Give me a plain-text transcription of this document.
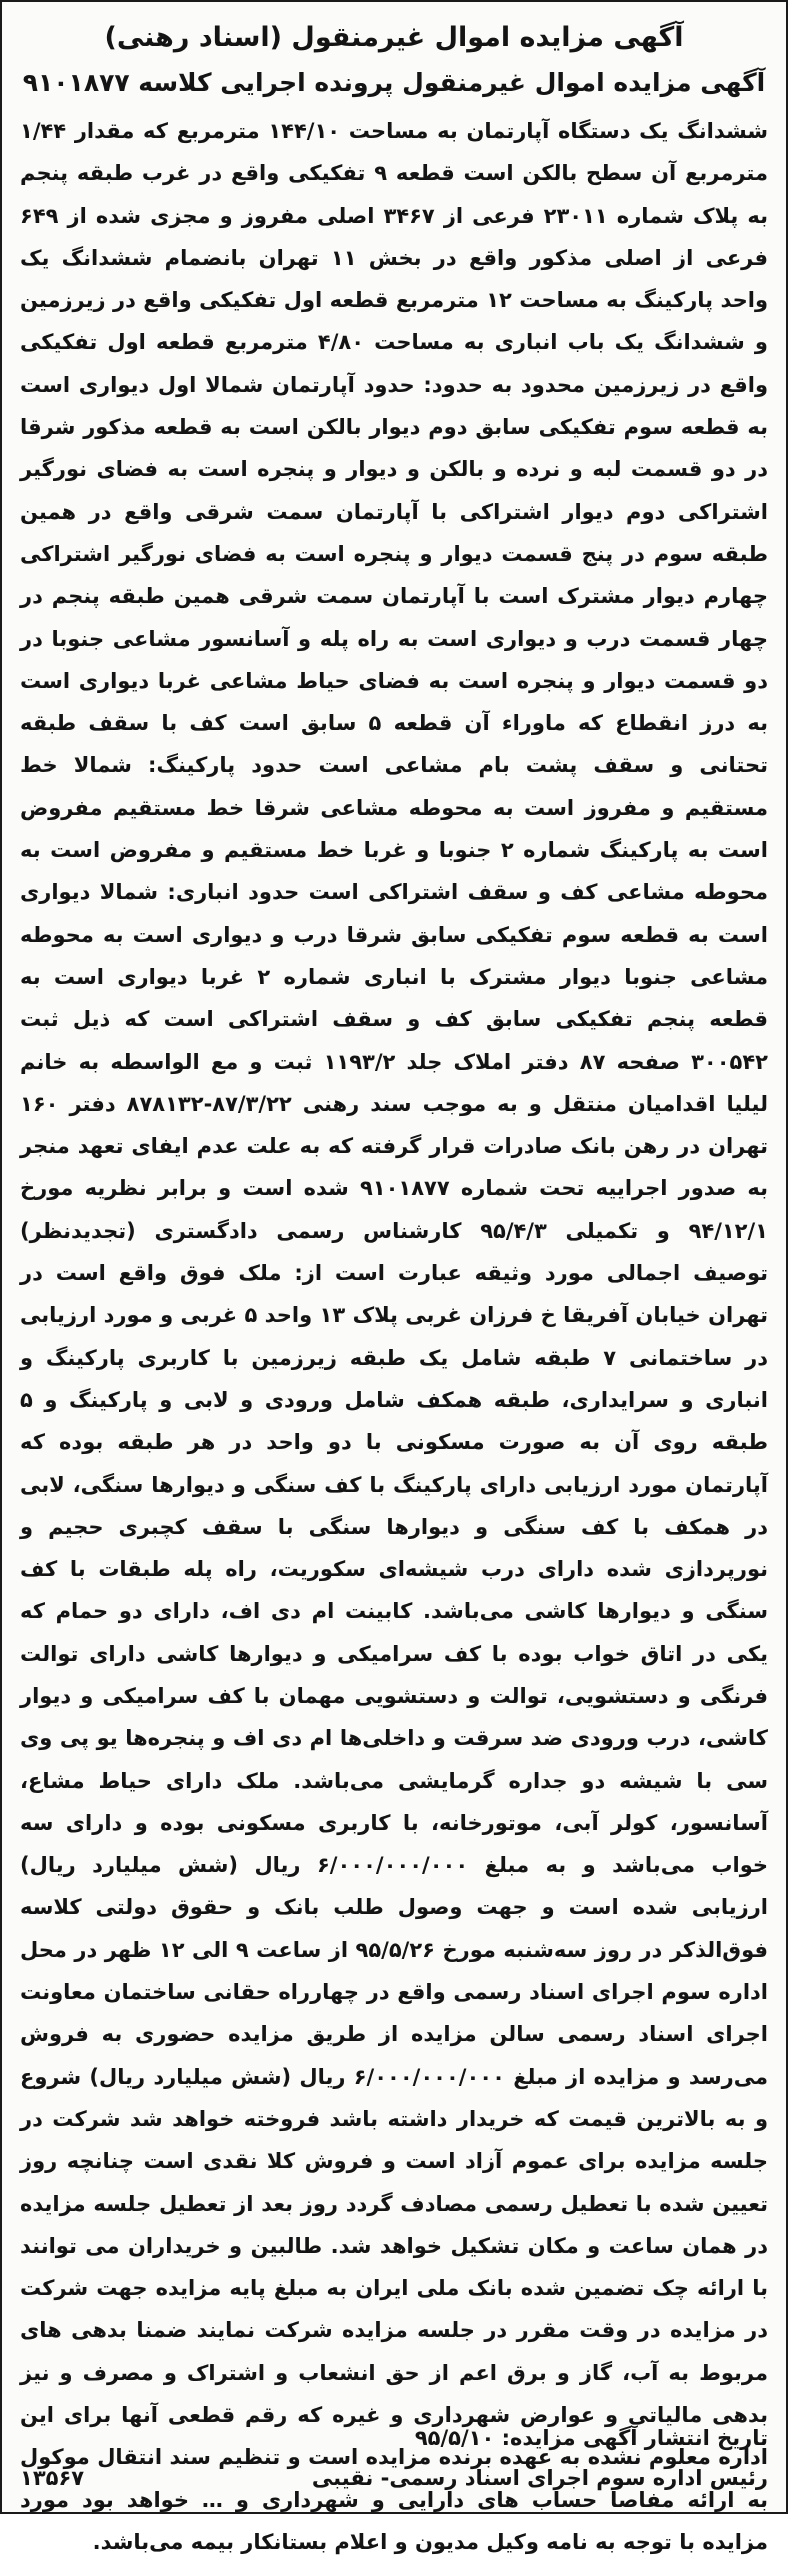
آگهی مزایده اموال غیرمنقول (اسناد رهنی)
آگهی مزایده اموال غیرمنقول پرونده اجرایی کلاسه ۹۱۰۱۸۷۷

ششدانگ یک دستگاه آپارتمان به مساحت ۱۴۴/۱۰ مترمربع که مقدار ۱/۴۴ مترمربع آن سطح بالکن است قطعه ۹ تفکیکی واقع در غرب طبقه پنجم به پلاک شماره ۲۳۰۱۱ فرعی از ۳۴۶۷ اصلی مفروز و مجزی شده از ۶۴۹ فرعی از اصلی مذکور واقع در بخش ۱۱ تهران بانضمام ششدانگ یک واحد پارکینگ به مساحت ۱۲ مترمربع قطعه اول تفکیکی واقع در زیرزمین و ششدانگ یک باب انباری به مساحت ۴/۸۰ مترمربع قطعه اول تفکیکی واقع در زیرزمین محدود به حدود: حدود آپارتمان شمالا اول دیواری است به قطعه سوم تفکیکی سابق دوم دیوار بالکن است به قطعه مذکور شرقا در دو قسمت لبه و نرده و بالکن و دیوار و پنجره است به فضای نورگیر اشتراکی دوم دیوار اشتراکی با آپارتمان سمت شرقی واقع در همین طبقه سوم در پنج قسمت دیوار و پنجره است به فضای نورگیر اشتراکی چهارم دیوار مشترک است با آپارتمان سمت شرقی همین طبقه پنجم در چهار قسمت درب و دیواری است به راه پله و آسانسور مشاعی جنوبا در دو قسمت دیوار و پنجره است به فضای حیاط مشاعی غربا دیواری است به درز انقطاع که ماوراء آن قطعه ۵ سابق است کف با سقف طبقه تحتانی و سقف پشت بام مشاعی است حدود پارکینگ: شمالا خط مستقیم و مفروز است به محوطه مشاعی شرقا خط مستقیم مفروض است به پارکینگ شماره ۲ جنوبا و غربا خط مستقیم و مفروض است به محوطه مشاعی کف و سقف اشتراکی است حدود انباری: شمالا دیواری است به قطعه سوم تفکیکی سابق شرقا درب و دیواری است به محوطه مشاعی جنوبا دیوار مشترک با انباری شماره ۲ غربا دیواری است به قطعه پنجم تفکیکی سابق کف و سقف اشتراکی است که ذیل ثبت ۳۰۰۵۴۲ صفحه ۸۷ دفتر املاک جلد ۱۱۹۳/۲ ثبت و مع الواسطه به خانم لیلیا اقدامیان منتقل و به موجب سند رهنی ۸۷/۳/۲۲-۸۷۸۱۳۲ دفتر ۱۶۰ تهران در رهن بانک صادرات قرار گرفته که به علت عدم ایفای تعهد منجر به صدور اجراییه تحت شماره ۹۱۰۱۸۷۷ شده است و برابر نظریه مورخ ۹۴/۱۲/۱ و تکمیلی ۹۵/۴/۳ کارشناس رسمی دادگستری (تجدیدنظر) توصیف اجمالی مورد وثیقه عبارت است از: ملک فوق واقع است در تهران خیابان آفریقا خ فرزان غربی پلاک ۱۳ واحد ۵ غربی و مورد ارزیابی در ساختمانی ۷ طبقه شامل یک طبقه زیرزمین با کاربری پارکینگ و انباری و سرایداری، طبقه همکف شامل ورودی و لابی و پارکینگ و ۵ طبقه روی آن به صورت مسکونی با دو واحد در هر طبقه بوده که آپارتمان مورد ارزیابی دارای پارکینگ با کف سنگی و دیوارها سنگی، لابی در همکف با کف سنگی و دیوارها سنگی با سقف کچبری حجیم و نورپردازی شده دارای درب شیشه‌ای سکوریت، راه پله طبقات با کف سنگی و دیوارها کاشی می‌باشد. کابینت ام دی اف، دارای دو حمام که یکی در اتاق خواب بوده با کف سرامیکی و دیوارها کاشی دارای توالت فرنگی و دستشویی، توالت و دستشویی مهمان با کف سرامیکی و دیوار کاشی، درب ورودی ضد سرقت و داخلی‌ها ام دی اف و پنجره‌ها یو پی وی سی با شیشه دو جداره گرمایشی می‌باشد. ملک دارای حیاط مشاع، آسانسور، کولر آبی، موتورخانه، با کاربری مسکونی بوده و دارای سه خواب می‌باشد و به مبلغ ۶/۰۰۰/۰۰۰/۰۰۰ ریال (شش میلیارد ریال) ارزیابی شده است و جهت وصول طلب بانک و حقوق دولتی کلاسه فوق‌الذکر در روز سه‌شنبه مورخ ۹۵/۵/۲۶ از ساعت ۹ الی ۱۲ ظهر در محل اداره سوم اجرای اسناد رسمی واقع در چهارراه حقانی ساختمان معاونت اجرای اسناد رسمی سالن مزایده از طریق مزایده حضوری به فروش می‌رسد و مزایده از مبلغ ۶/۰۰۰/۰۰۰/۰۰۰ ریال (شش میلیارد ریال) شروع و به بالاترین قیمت که خریدار داشته باشد فروخته خواهد شد شرکت در جلسه مزایده برای عموم آزاد است و فروش کلا نقدی است چنانچه روز تعیین شده با تعطیل رسمی مصادف گردد روز بعد از تعطیل جلسه مزایده در همان ساعت و مکان تشکیل خواهد شد. طالبین و خریداران می توانند با ارائه چک تضمین شده بانک ملی ایران به مبلغ پایه مزایده جهت شرکت در مزایده در وقت مقرر در جلسه مزایده شرکت نمایند ضمنا بدهی های مربوط به آب، گاز و برق اعم از حق انشعاب و اشتراک و مصرف و نیز بدهی مالیاتی و عوارض شهرداری و غیره که رقم قطعی آنها برای این اداره معلوم نشده به عهده برنده مزایده است و تنظیم سند انتقال موکول به ارائه مفاصا حساب های دارایی و شهرداری و … خواهد بود مورد مزایده با توجه به نامه وکیل مدیون و اعلام بستانکار بیمه می‌باشد.

تاریخ انتشار آگهی مزایده: ۹۵/۵/۱۰
رئیس اداره سوم اجرای اسناد رسمی- نقیبی
۱۳۵۶۷
